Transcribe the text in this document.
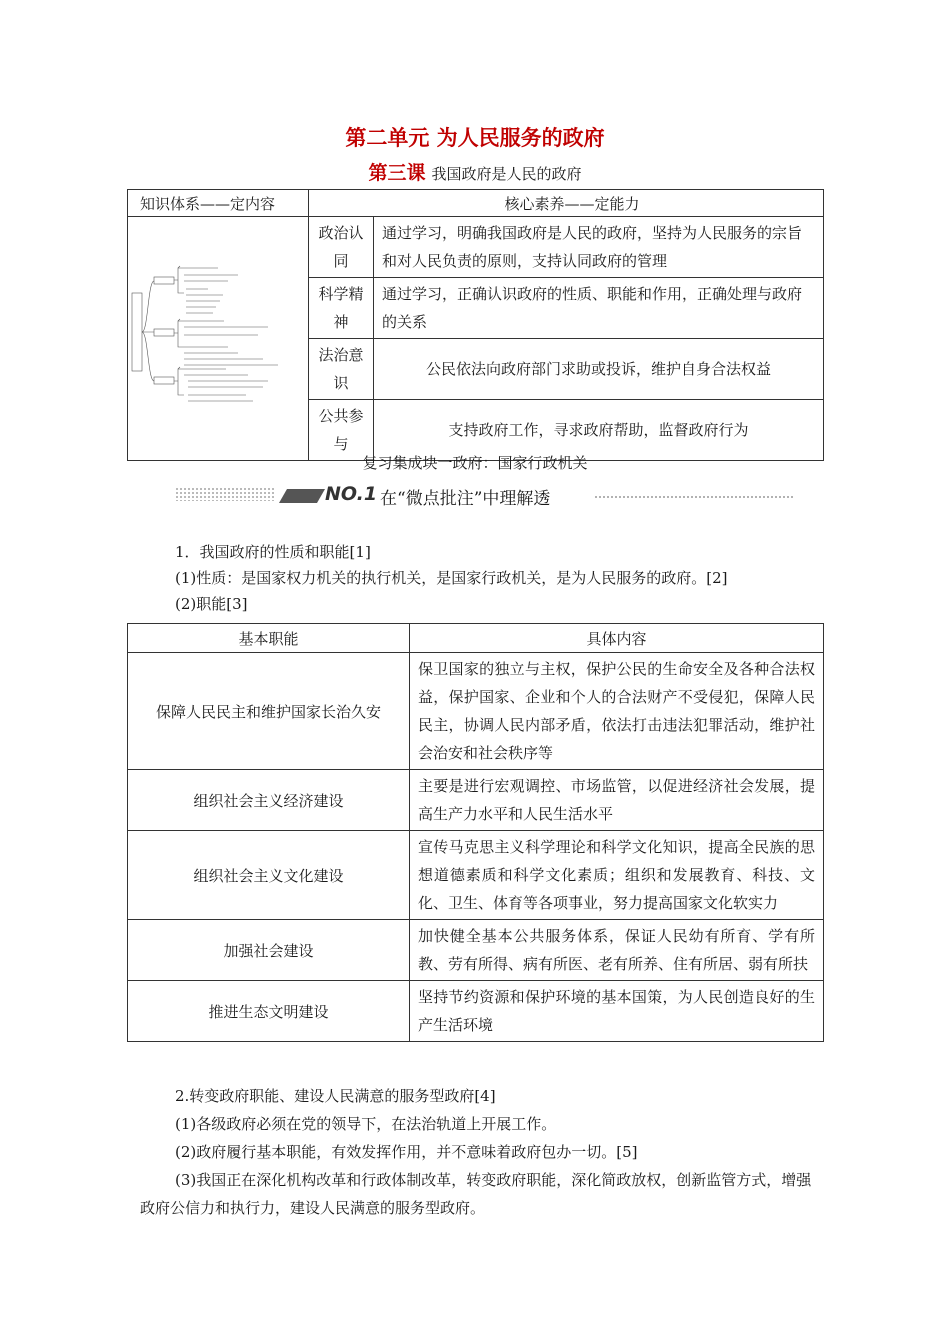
第二单元 为人民服务的政府
第三课 我国政府是人民的政府
知识体系——定内容	核心素养——定能力	
	政治认同	通过学习，明确我国政府是人民的政府，坚持为人民服务的宗旨和对人民负责的原则，支持认同政府的管理
	科学精神	通过学习，正确认识政府的性质、职能和作用，正确处理与政府的关系
	法治意识	公民依法向政府部门求助或投诉，维护自身合法权益
	公共参与	支持政府工作，寻求政府帮助，监督政府行为
复习集成块一政府：国家行政机关
NO.1 在“微点批注”中理解透
1．我国政府的性质和职能[1]
(1)性质：是国家权力机关的执行机关，是国家行政机关，是为人民服务的政府。[2]
(2)职能[3]
基本职能	具体内容
保障人民民主和维护国家长治久安	保卫国家的独立与主权，保护公民的生命安全及各种合法权益，保护国家、企业和个人的合法财产不受侵犯，保障人民民主，协调人民内部矛盾，依法打击违法犯罪活动，维护社会治安和社会秩序等
组织社会主义经济建设	主要是进行宏观调控、市场监管，以促进经济社会发展，提高生产力水平和人民生活水平
组织社会主义文化建设	宣传马克思主义科学理论和科学文化知识，提高全民族的思想道德素质和科学文化素质；组织和发展教育、科技、文化、卫生、体育等各项事业，努力提高国家文化软实力
加强社会建设	加快健全基本公共服务体系，保证人民幼有所育、学有所教、劳有所得、病有所医、老有所养、住有所居、弱有所扶
推进生态文明建设	坚持节约资源和保护环境的基本国策，为人民创造良好的生产生活环境
2.转变政府职能、建设人民满意的服务型政府[4]
(1)各级政府必须在党的领导下，在法治轨道上开展工作。
(2)政府履行基本职能，有效发挥作用，并不意味着政府包办一切。[5]
(3)我国正在深化机构改革和行政体制改革，转变政府职能，深化简政放权，创新监管方式，增强政府公信力和执行力，建设人民满意的服务型政府。
